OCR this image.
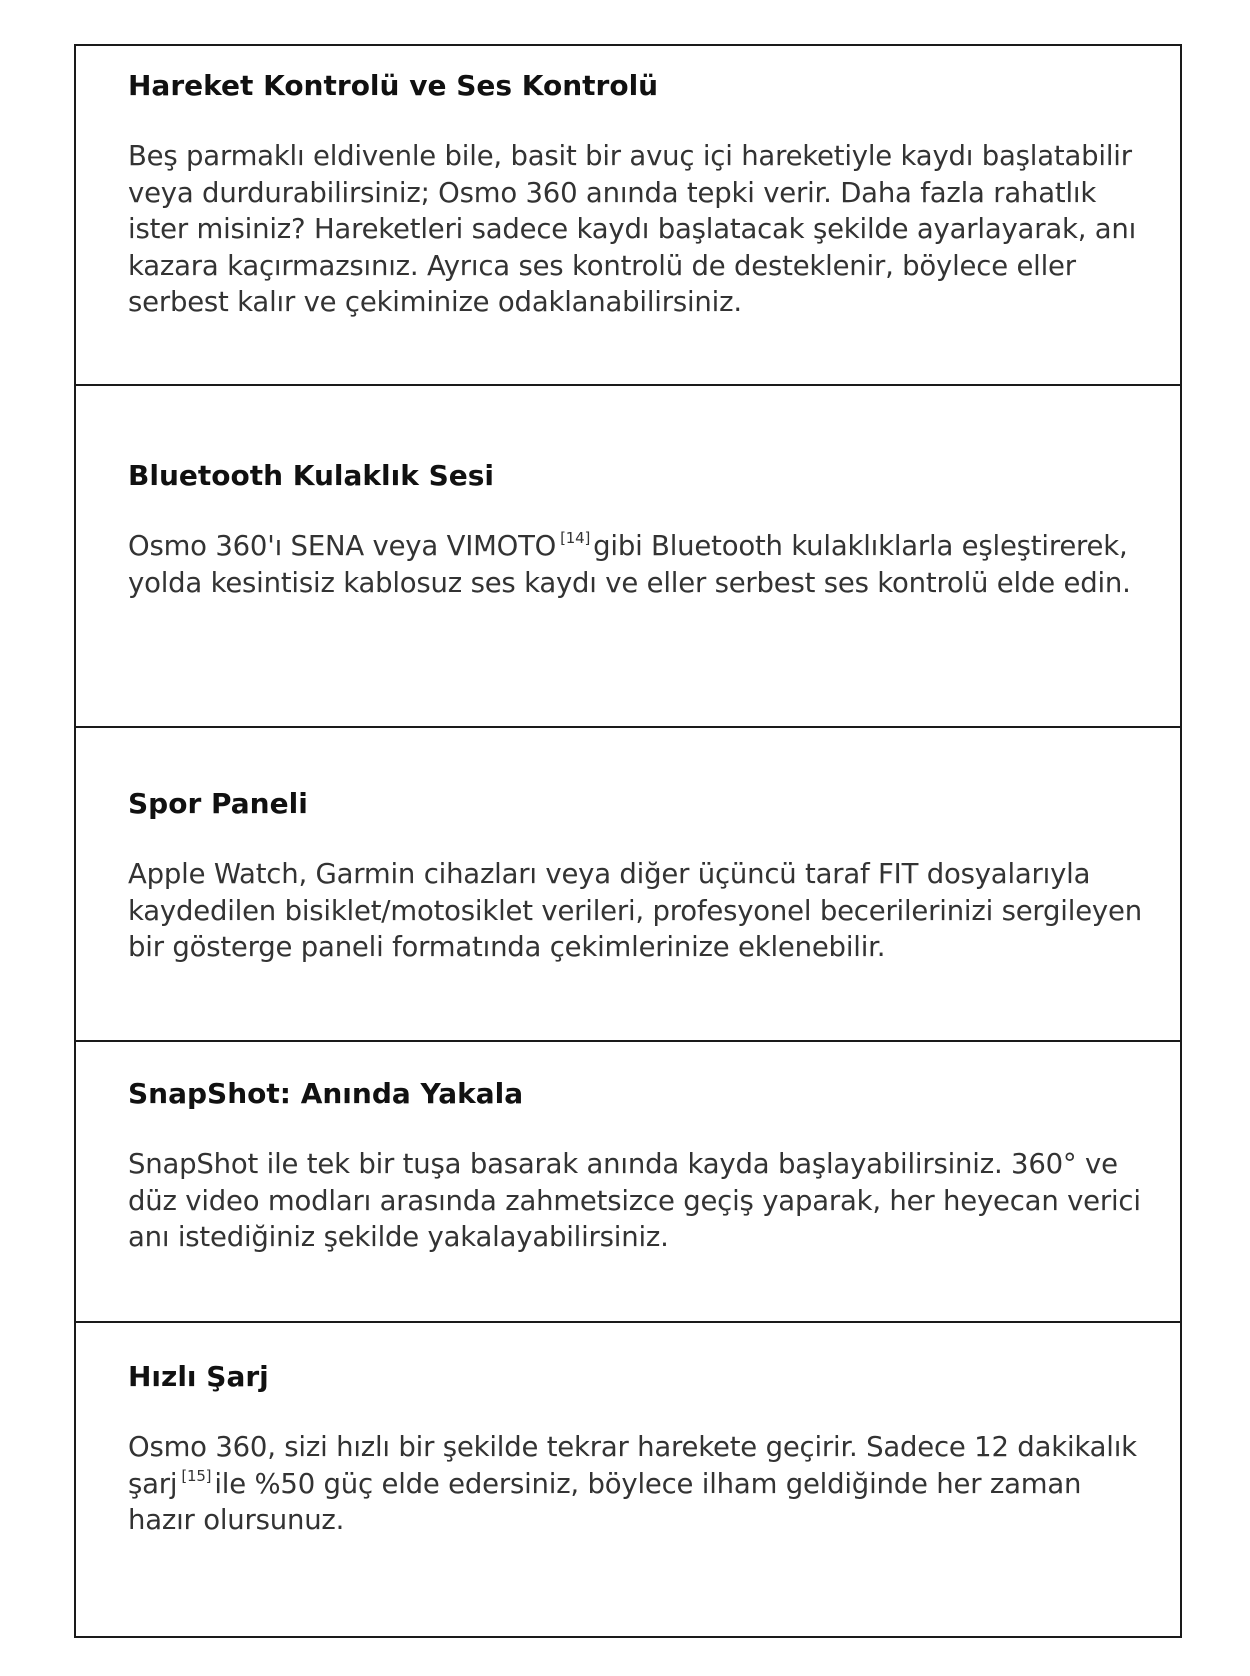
Hareket Kontrolü ve Ses Kontrolü

Beş parmaklı eldivenle bile, basit bir avuç içi hareketiyle kaydı başlatabilir veya durdurabilirsiniz; Osmo 360 anında tepki verir. Daha fazla rahatlık ister misiniz? Hareketleri sadece kaydı başlatacak şekilde ayarlayarak, anı kazara kaçırmazsınız. Ayrıca ses kontrolü de desteklenir, böylece eller serbest kalır ve çekiminize odaklanabilirsiniz.

Bluetooth Kulaklık Sesi

Osmo 360'ı SENA veya VIMOTO [14] gibi Bluetooth kulaklıklarla eşleştirerek, yolda kesintisiz kablosuz ses kaydı ve eller serbest ses kontrolü elde edin.

Spor Paneli

Apple Watch, Garmin cihazları veya diğer üçüncü taraf FIT dosyalarıyla kaydedilen bisiklet/motosiklet verileri, profesyonel becerilerinizi sergileyen bir gösterge paneli formatında çekimlerinize eklenebilir.

SnapShot: Anında Yakala

SnapShot ile tek bir tuşa basarak anında kayda başlayabilirsiniz. 360° ve düz video modları arasında zahmetsizce geçiş yaparak, her heyecan verici anı istediğiniz şekilde yakalayabilirsiniz.

Hızlı Şarj

Osmo 360, sizi hızlı bir şekilde tekrar harekete geçirir. Sadece 12 dakikalık şarj [15] ile %50 güç elde edersiniz, böylece ilham geldiğinde her zaman hazır olursunuz.
